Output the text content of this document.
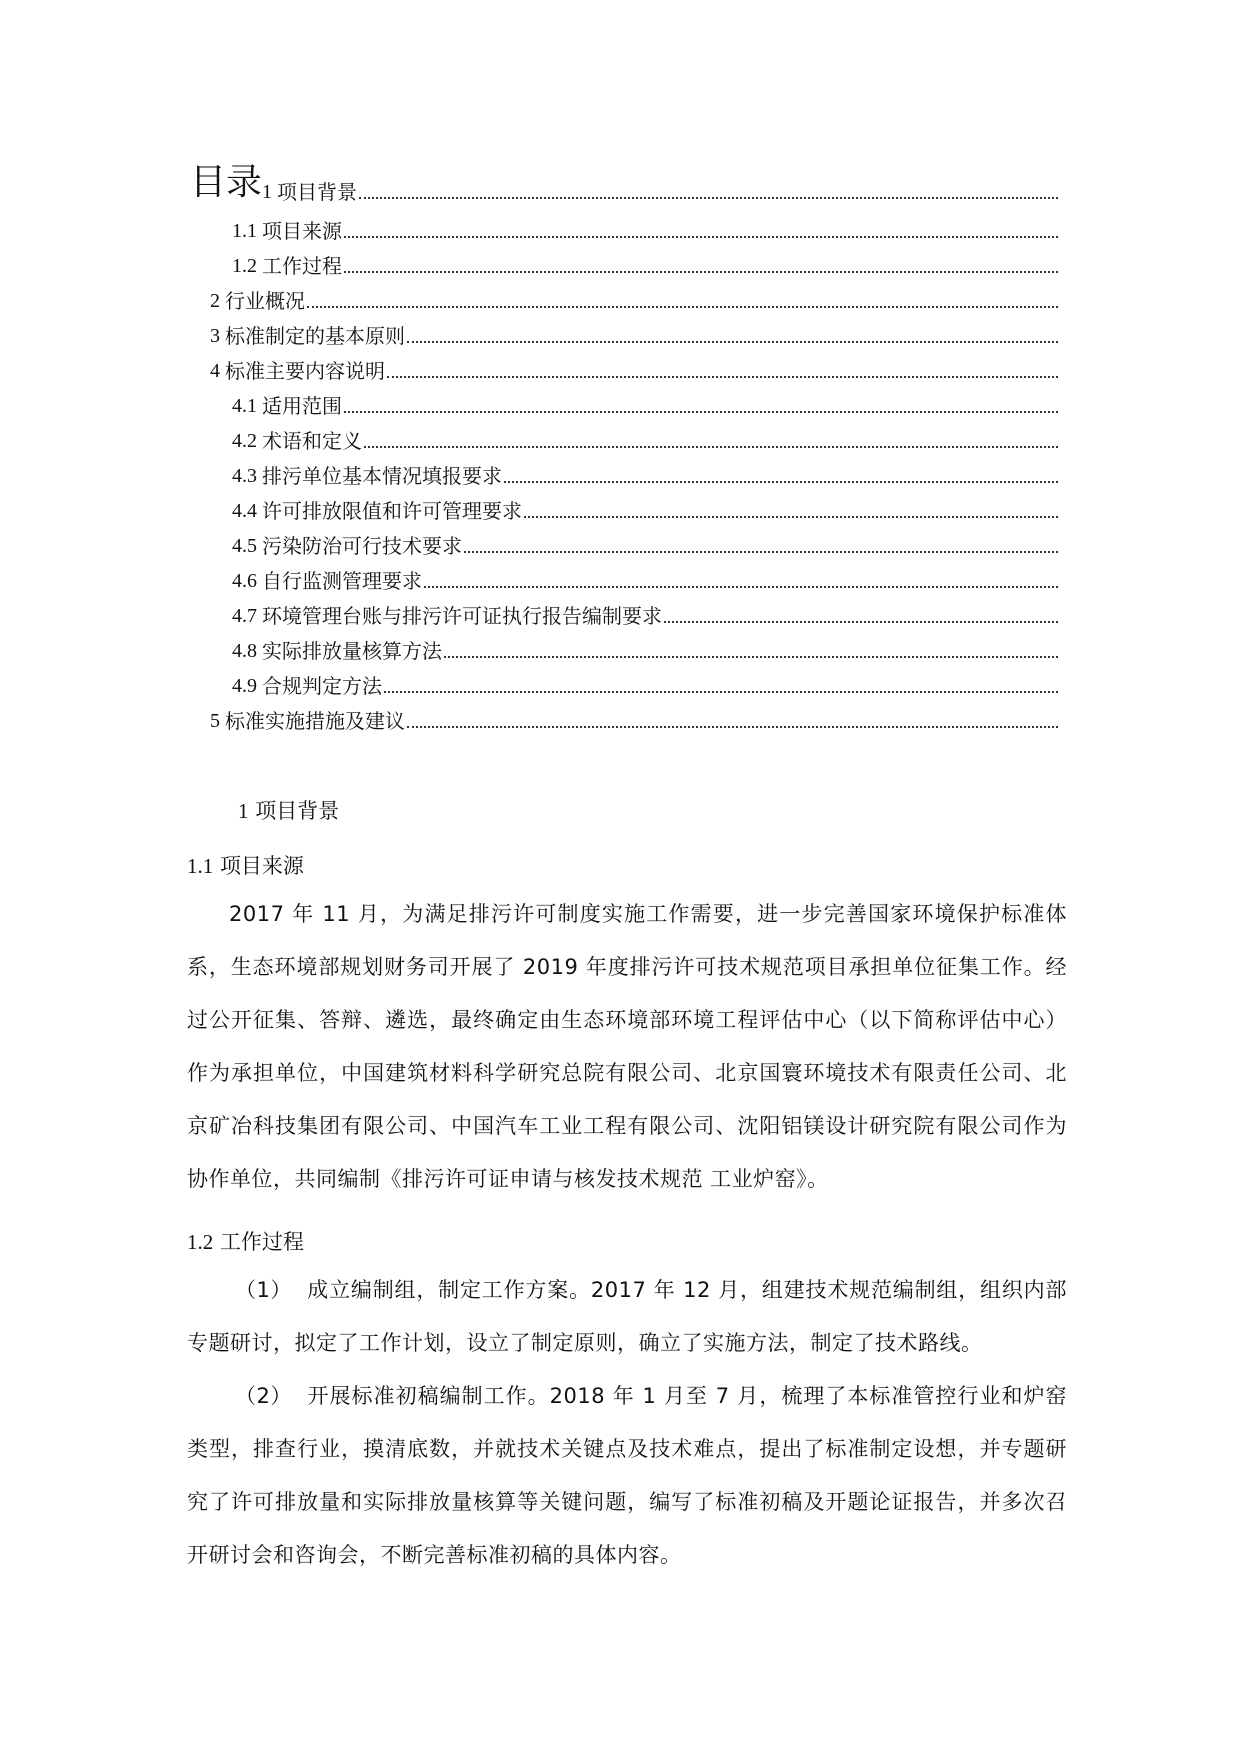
目录 1 项目背景
1.1 项目来源
1.2 工作过程
2 行业概况
3 标准制定的基本原则
4 标准主要内容说明
4.1 适用范围
4.2 术语和定义
4.3 排污单位基本情况填报要求
4.4 许可排放限值和许可管理要求
4.5 污染防治可行技术要求
4.6 自行监测管理要求
4.7 环境管理台账与排污许可证执行报告编制要求
4.8 实际排放量核算方法
4.9 合规判定方法
5 标准实施措施及建议
1 项目背景
1.1 项目来源
2017 年 11 月，为满足排污许可制度实施工作需要，进一步完善国家环境保护标准体系，生态环境部规划财务司开展了 2019 年度排污许可技术规范项目承担单位征集工作。经过公开征集、答辩、遴选，最终确定由生态环境部环境工程评估中心（以下简称评估中心）作为承担单位，中国建筑材料科学研究总院有限公司、北京国寰环境技术有限责任公司、北京矿冶科技集团有限公司、中国汽车工业工程有限公司、沈阳铝镁设计研究院有限公司作为协作单位，共同编制《排污许可证申请与核发技术规范 工业炉窑》。
1.2 工作过程
（1） 成立编制组，制定工作方案。2017 年 12 月，组建技术规范编制组，组织内部专题研讨，拟定了工作计划，设立了制定原则，确立了实施方法，制定了技术路线。
（2） 开展标准初稿编制工作。2018 年 1 月至 7 月，梳理了本标准管控行业和炉窑类型，排查行业，摸清底数，并就技术关键点及技术难点，提出了标准制定设想，并专题研究了许可排放量和实际排放量核算等关键问题，编写了标准初稿及开题论证报告，并多次召开研讨会和咨询会，不断完善标准初稿的具体内容。
